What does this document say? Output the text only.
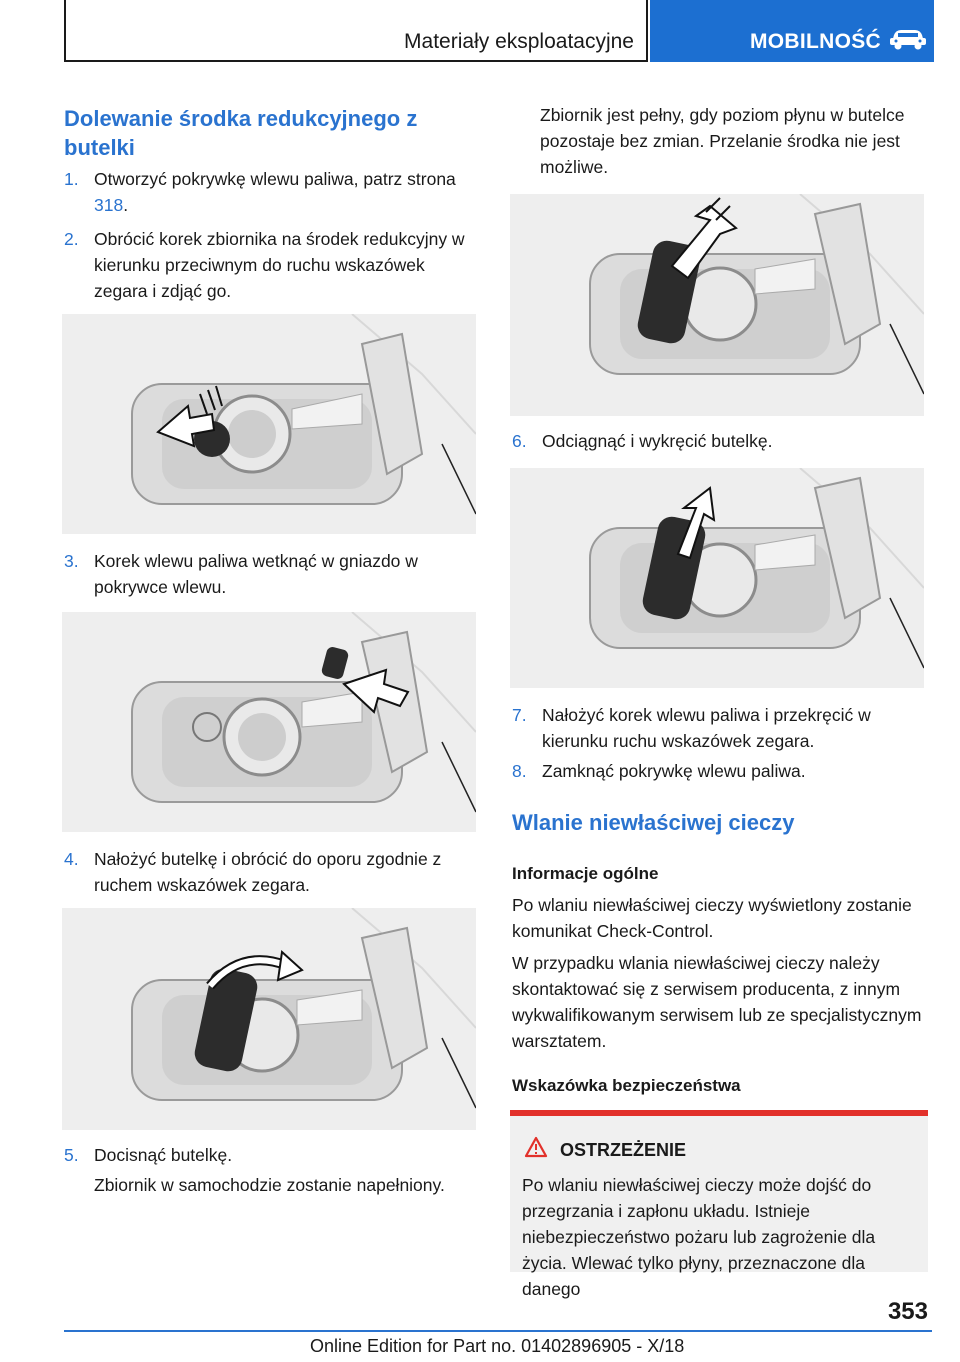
Materiały eksploatacyjne	MOBILNOŚĆ
Dolewanie środka redukcyjnego z butelki
1. Otworzyć pokrywkę wlewu paliwa, patrz strona 318.
2. Obrócić korek zbiornika na środek redukcyjny w kierunku przeciwnym do ruchu wskazówek zegara i zdjąć go.
3. Korek wlewu paliwa wetknąć w gniazdo w pokrywce wlewu.
4. Nałożyć butelkę i obrócić do oporu zgodnie z ruchem wskazówek zegara.
5. Docisnąć butelkę.
Zbiornik w samochodzie zostanie napełniony.
Zbiornik jest pełny, gdy poziom płynu w butelce pozostaje bez zmian. Przelanie środka nie jest możliwe.
6. Odciągnąć i wykręcić butelkę.
7. Nałożyć korek wlewu paliwa i przekręcić w kierunku ruchu wskazówek zegara.
8. Zamknąć pokrywkę wlewu paliwa.
Wlanie niewłaściwej cieczy
Informacje ogólne
Po wlaniu niewłaściwej cieczy wyświetlony zostanie komunikat Check-Control.
W przypadku wlania niewłaściwej cieczy należy skontaktować się z serwisem producenta, z innym wykwalifikowanym serwisem lub ze specjalistycznym warsztatem.
Wskazówka bezpieczeństwa
OSTRZEŻENIE
Po wlaniu niewłaściwej cieczy może dojść do przegrzania i zapłonu układu. Istnieje niebezpieczeństwo pożaru lub zagrożenie dla życia. Wlewać tylko płyny, przeznaczone dla danego
353
Online Edition for Part no. 01402896905 - X/18
